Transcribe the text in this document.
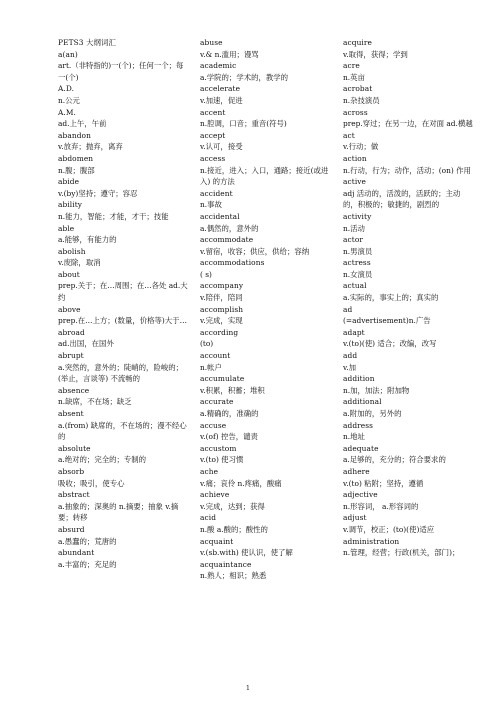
PETS3 大纲词汇
a(an)
art.（非特指的)一(个)；任何一个；每一(个)
A.D.
n.公元
A.M.
ad.上午，午前
abandon
v.放弃；抛弃，离弃
abdomen
n.腹；腹部
abide
v.(by)坚持；遵守；容忍
ability
n.能力，智能；才能，才干；技能
able
a.能够，有能力的
abolish
v.废除，取消
about
prep.关于；在…周围；在…各处 ad.大约
above
prep.在…上方；(数量，价格等)大于…
abroad
ad.出国，在国外
abrupt
a.突然的，意外的；陡峭的，险峻的；(举止，言谈等) 不流畅的
absence
n.缺席，不在场；缺乏
absent
a.(from) 缺席的，不在场的；漫不经心的
absolute
a.绝对的；完全的；专制的
absorb
吸收；吸引，使专心
abstract
a.抽象的；深奥的 n.摘要；抽象 v.摘要；转移
absurd
a.愚蠢的；荒唐的
abundant
a.丰富的；充足的
abuse
v.& n.滥用；谩骂
academic
a.学院的；学术的，教学的
accelerate
v.加速，促进
accent
n.腔调，口音；重音(符号)
accept
v.认可，接受
access
n.接近，进入；入口，通路；接近(或进入) 的方法
accident
n.事故
accidental
a.偶然的，意外的
accommodate
v.留宿，收容；供应，供给；容纳
accommodations
( s)
accompany
v.陪伴，陪同
accomplish
v.完成，实现
according
(to)
account
n.帐户
accumulate
v.积累，积蓄；堆积
accurate
a.精确的，准确的
accuse
v.(of) 控告，谴责
accustom
v.(to) 使习惯
ache
v.痛；哀伶 n.疼痛，酸痛
achieve
v.完成，达到；获得
acid
n.酸 a.酸的；酸性的
acquaint
v.(sb.with) 使认识，使了解
acquaintance
n.熟人；相识；熟悉
acquire
v.取得，获得；学到
acre
n.英亩
acrobat
n.杂技演员
across
prep.穿过；在另一边，在对面 ad.横越
act
v.行动；做
action
n.行动，行为；动作，活动；(on) 作用
active
adj 活动的，活泼的，活跃的；主动的，积极的；敏捷的，剧烈的
activity
n.活动
actor
n.男演员
actress
n.女演员
actual
a.实际的，事实上的；真实的
ad
(=advertisement)n.广告
adapt
v.(to)(使) 适合；改编，改写
add
v.加
addition
n.加，加法；附加物
additional
a.附加的，另外的
address
n.地址
adequate
a.足够的，充分的；符合要求的
adhere
v.(to) 粘附；坚持，遵循
adjective
n.形容词， a.形容词的
adjust
v.调节，校正；(to)(使)适应
administration
n.管理，经营；行政(机关，部门)；
1
